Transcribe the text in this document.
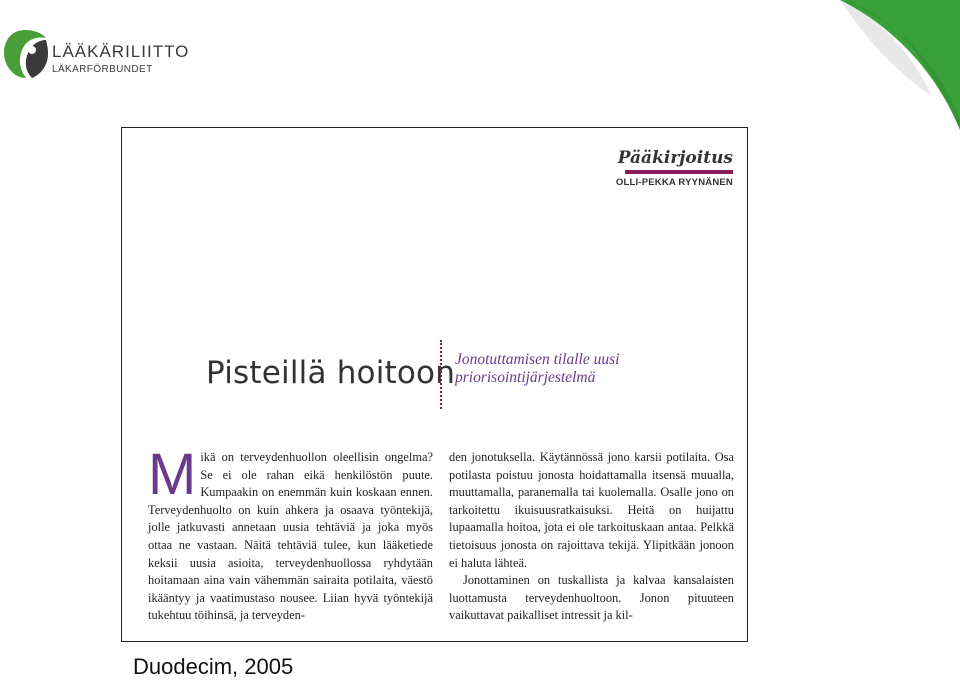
LÄÄKÄRILIITTO
LÄKARFÖRBUNDET
Pääkirjoitus
OLLI-PEKKA RYYNÄNEN
Pisteillä hoitoon Jonotuttamisen tilalle uusi
priorisointijärjestelmä
M ikä on terveydenhuollon oleellisin ongelma? Se ei ole rahan eikä henkilöstön puute. Kumpaakin on enemmän kuin koskaan ennen. Terveydenhuolto on kuin ahkera ja osaava työntekijä, jolle jatkuvasti annetaan uusia tehtäviä ja joka myös ottaa ne vastaan. Näitä tehtäviä tulee, kun lääketiede keksii uusia asioita, terveydenhuollossa ryhdytään hoitamaan aina vain vähemmän sairaita potilaita, väestö ikääntyy ja vaatimustaso nousee. Liian hyvä työntekijä tukehtuu töihinsä, ja terveyden-

den jonotuksella. Käytännössä jono karsii potilaita. Osa potilasta poistuu jonosta hoidattamalla itsensä muualla, muuttamalla, paranemalla tai kuolemalla. Osalle jono on tarkoitettu ikuisuusratkaisuksi. Heitä on huijattu lupaamalla hoitoa, jota ei ole tarkoituskaan antaa. Pelkkä tietoisuus jonosta on rajoittava tekijä. Ylipitkään jonoon ei haluta lähteä.

Jonottaminen on tuskallista ja kalvaa kansalaisten luottamusta terveydenhuoltoon. Jonon pituuteen vaikuttavat paikalliset intressit ja kil-

Duodecim, 2005
